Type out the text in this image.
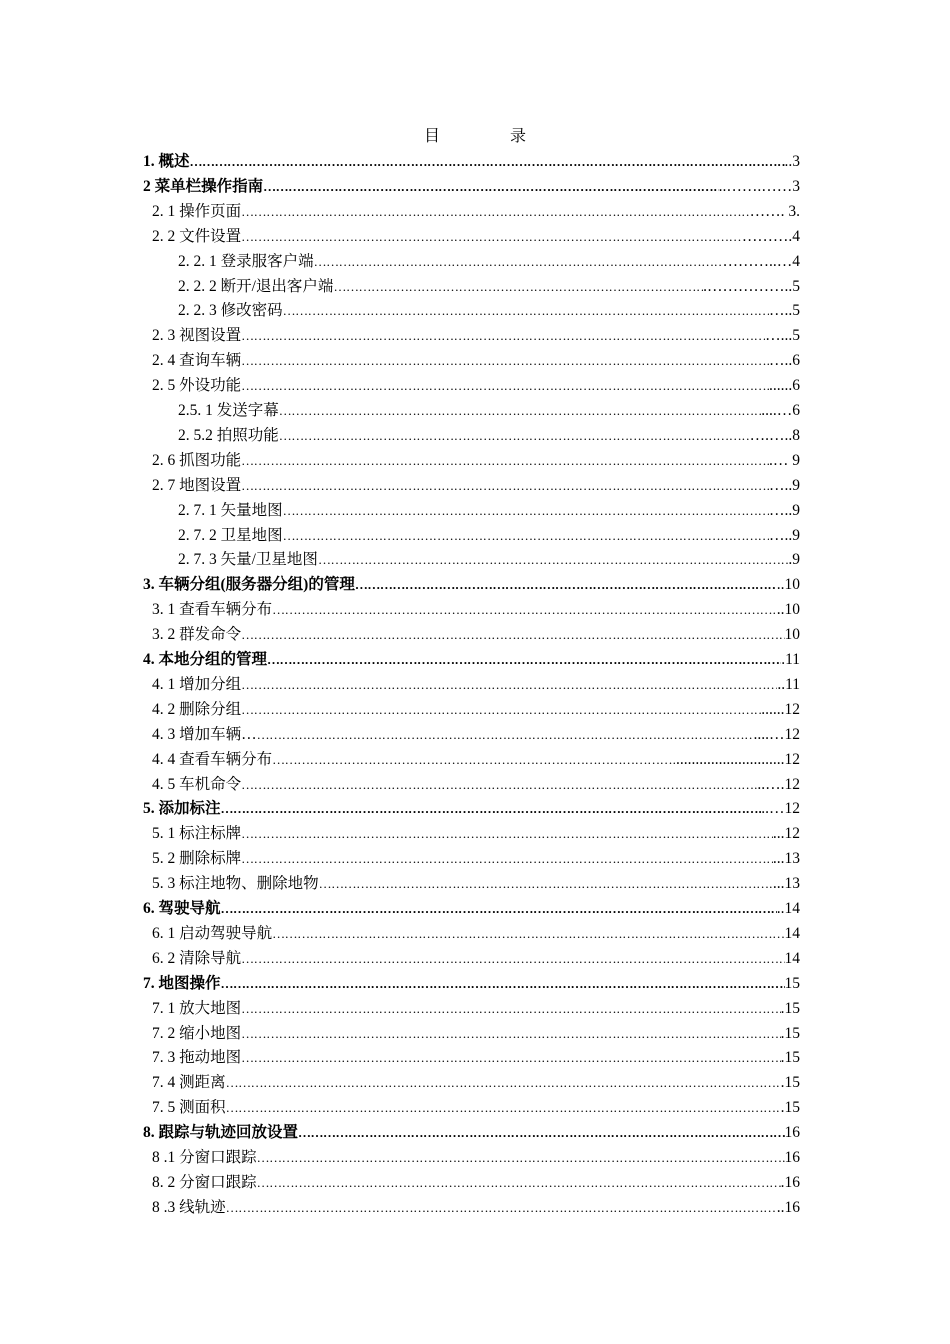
目	录
1. 概述 …………………………………………………………………………………………………………………………………………………………………………………………	..3
2 菜单栏操作指南 …………………………………………………………………………………………………………………………………………………………………………………………	..…….……3
2. 1 操作页面 …………………………………………………………………………………………………………………………………………………………………………………………	……. 3.
2. 2 文件设置 …………………………………………………………………………………………………………………………………………………………………………………………	……….4
2. 2. 1 登录服客户端 …………………………………………………………………………………………………………………………………………………………………………………………	………..…4
2. 2. 2 断开/退出客户端 …………………………………………………………………………………………………………………………………………………………………………………………	.……………..5
2. 2. 3 修改密码 …………………………………………………………………………………………………………………………………………………………………………………………	…..5
2. 3 视图设置 …………………………………………………………………………………………………………………………………………………………………………………………	…...5
2. 4 查询车辆 …………………………………………………………………………………………………………………………………………………………………………………………	…..6
2. 5 外设功能 …………………………………………………………………………………………………………………………………………………………………………………………	......6
2.5. 1 发送字幕 …………………………………………………………………………………………………………………………………………………………………………………………	....…6
2. 5.2 拍照功能 …………………………………………………………………………………………………………………………………………………………………………………………	….…..8
2. 6 抓图功能 …………………………………………………………………………………………………………………………………………………………………………………………	.… 9
2. 7 地图设置 …………………………………………………………………………………………………………………………………………………………………………………………	…..9
2. 7. 1 矢量地图 …………………………………………………………………………………………………………………………………………………………………………………………	…..9
2. 7. 2 卫星地图 …………………………………………………………………………………………………………………………………………………………………………………………	…..9
2. 7. 3 矢量/卫星地图 …………………………………………………………………………………………………………………………………………………………………………………………	.9
3. 车辆分组(服务器分组)的管理 …………………………………………………………………………………………………………………………………………………………………………………………	..10
3. 1 查看车辆分布 …………………………………………………………………………………………………………………………………………………………………………………………	..10
3. 2 群发命令 …………………………………………………………………………………………………………………………………………………………………………………………	10
4. 本地分组的管理 …………………………………………………………………………………………………………………………………………………………………………………………	.11
4. 1 增加分组 …………………………………………………………………………………………………………………………………………………………………………………………	..11
4. 2 删除分组 …………………………………………………………………………………………………………………………………………………………………………………………	......12
4. 3 增加车辆… …………………………………………………………………………………………………………………………………………………………………………………………	....…12
4. 4 查看车辆分布 …………………………………………………………………………………………………………………………………………………………………………………………	............................12
4. 5 车机命令 …………………………………………………………………………………………………………………………………………………………………………………………	..….12
5. 添加标注 …………………………………………………………………………………………………………………………………………………………………………………………	..…12
5. 1 标注标牌 …………………………………………………………………………………………………………………………………………………………………………………………	...12
5. 2 删除标牌 …………………………………………………………………………………………………………………………………………………………………………………………	...13
5. 3 标注地物、删除地物 …………………………………………………………………………………………………………………………………………………………………………………………	...13
6. 驾驶导航 …………………………………………………………………………………………………………………………………………………………………………………………	..14
6. 1 启动驾驶导航 …………………………………………………………………………………………………………………………………………………………………………………………	14
6. 2 清除导航 …………………………………………………………………………………………………………………………………………………………………………………………	14
7. 地图操作 …………………………………………………………………………………………………………………………………………………………………………………………	15
7. 1 放大地图 …………………………………………………………………………………………………………………………………………………………………………………………	.15
7. 2 缩小地图 …………………………………………………………………………………………………………………………………………………………………………………………	.15
7. 3 拖动地图 …………………………………………………………………………………………………………………………………………………………………………………………	.15
7. 4 测距离 …………………………………………………………………………………………………………………………………………………………………………………………	.15
7. 5 测面积 …………………………………………………………………………………………………………………………………………………………………………………………	.15
8. 跟踪与轨迹回放设置 …………………………………………………………………………………………………………………………………………………………………………………………	16
8 .1 分窗口跟踪 …………………………………………………………………………………………………………………………………………………………………………………………	16
8. 2 分窗口跟踪 …………………………………………………………………………………………………………………………………………………………………………………………	.16
8 .3 线轨迹 …………………………………………………………………………………………………………………………………………………………………………………………	..16
